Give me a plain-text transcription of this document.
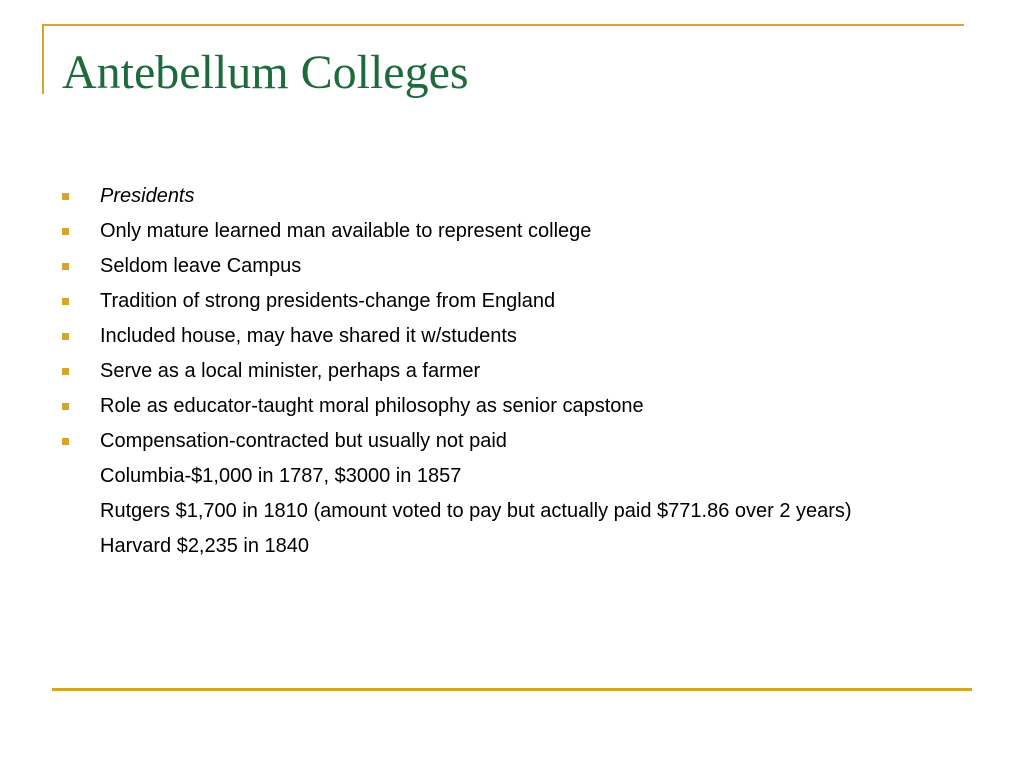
Antebellum Colleges
Presidents
Only mature learned man available to represent college
Seldom leave Campus
Tradition of strong presidents-change from England
Included house, may have shared it w/students
Serve as a local minister, perhaps a farmer
Role as educator-taught moral philosophy as senior capstone
Compensation-contracted but usually not paid
Columbia-$1,000 in 1787, $3000 in 1857
Rutgers $1,700 in 1810 (amount voted to pay but actually paid $771.86 over 2 years)
Harvard $2,235 in 1840
